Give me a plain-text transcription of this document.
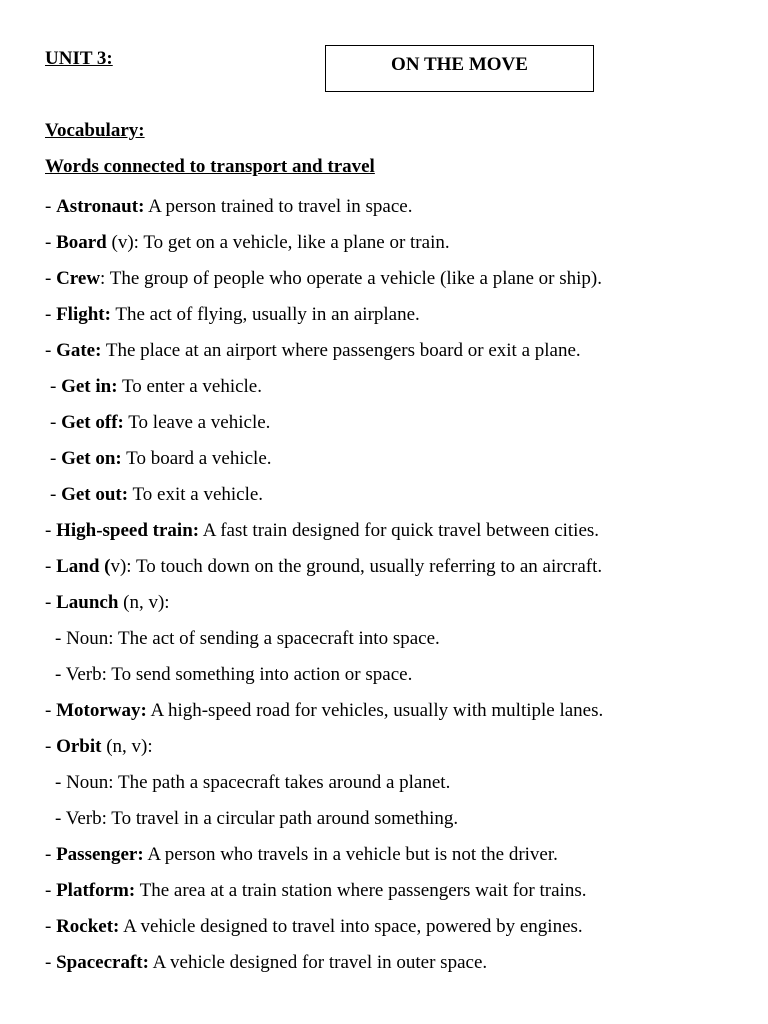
UNIT 3:	ON THE MOVE
Vocabulary:
Words connected to transport and travel
- Astronaut: A person trained to travel in space.
- Board (v): To get on a vehicle, like a plane or train.
- Crew: The group of people who operate a vehicle (like a plane or ship).
- Flight: The act of flying, usually in an airplane.
- Gate: The place at an airport where passengers board or exit a plane.
- Get in: To enter a vehicle.
- Get off: To leave a vehicle.
- Get on: To board a vehicle.
- Get out: To exit a vehicle.
- High-speed train: A fast train designed for quick travel between cities.
- Land (v): To touch down on the ground, usually referring to an aircraft.
- Launch (n, v):
- Noun: The act of sending a spacecraft into space.
- Verb: To send something into action or space.
- Motorway: A high-speed road for vehicles, usually with multiple lanes.
- Orbit (n, v):
- Noun: The path a spacecraft takes around a planet.
- Verb: To travel in a circular path around something.
- Passenger: A person who travels in a vehicle but is not the driver.
- Platform: The area at a train station where passengers wait for trains.
- Rocket: A vehicle designed to travel into space, powered by engines.
- Spacecraft: A vehicle designed for travel in outer space.
